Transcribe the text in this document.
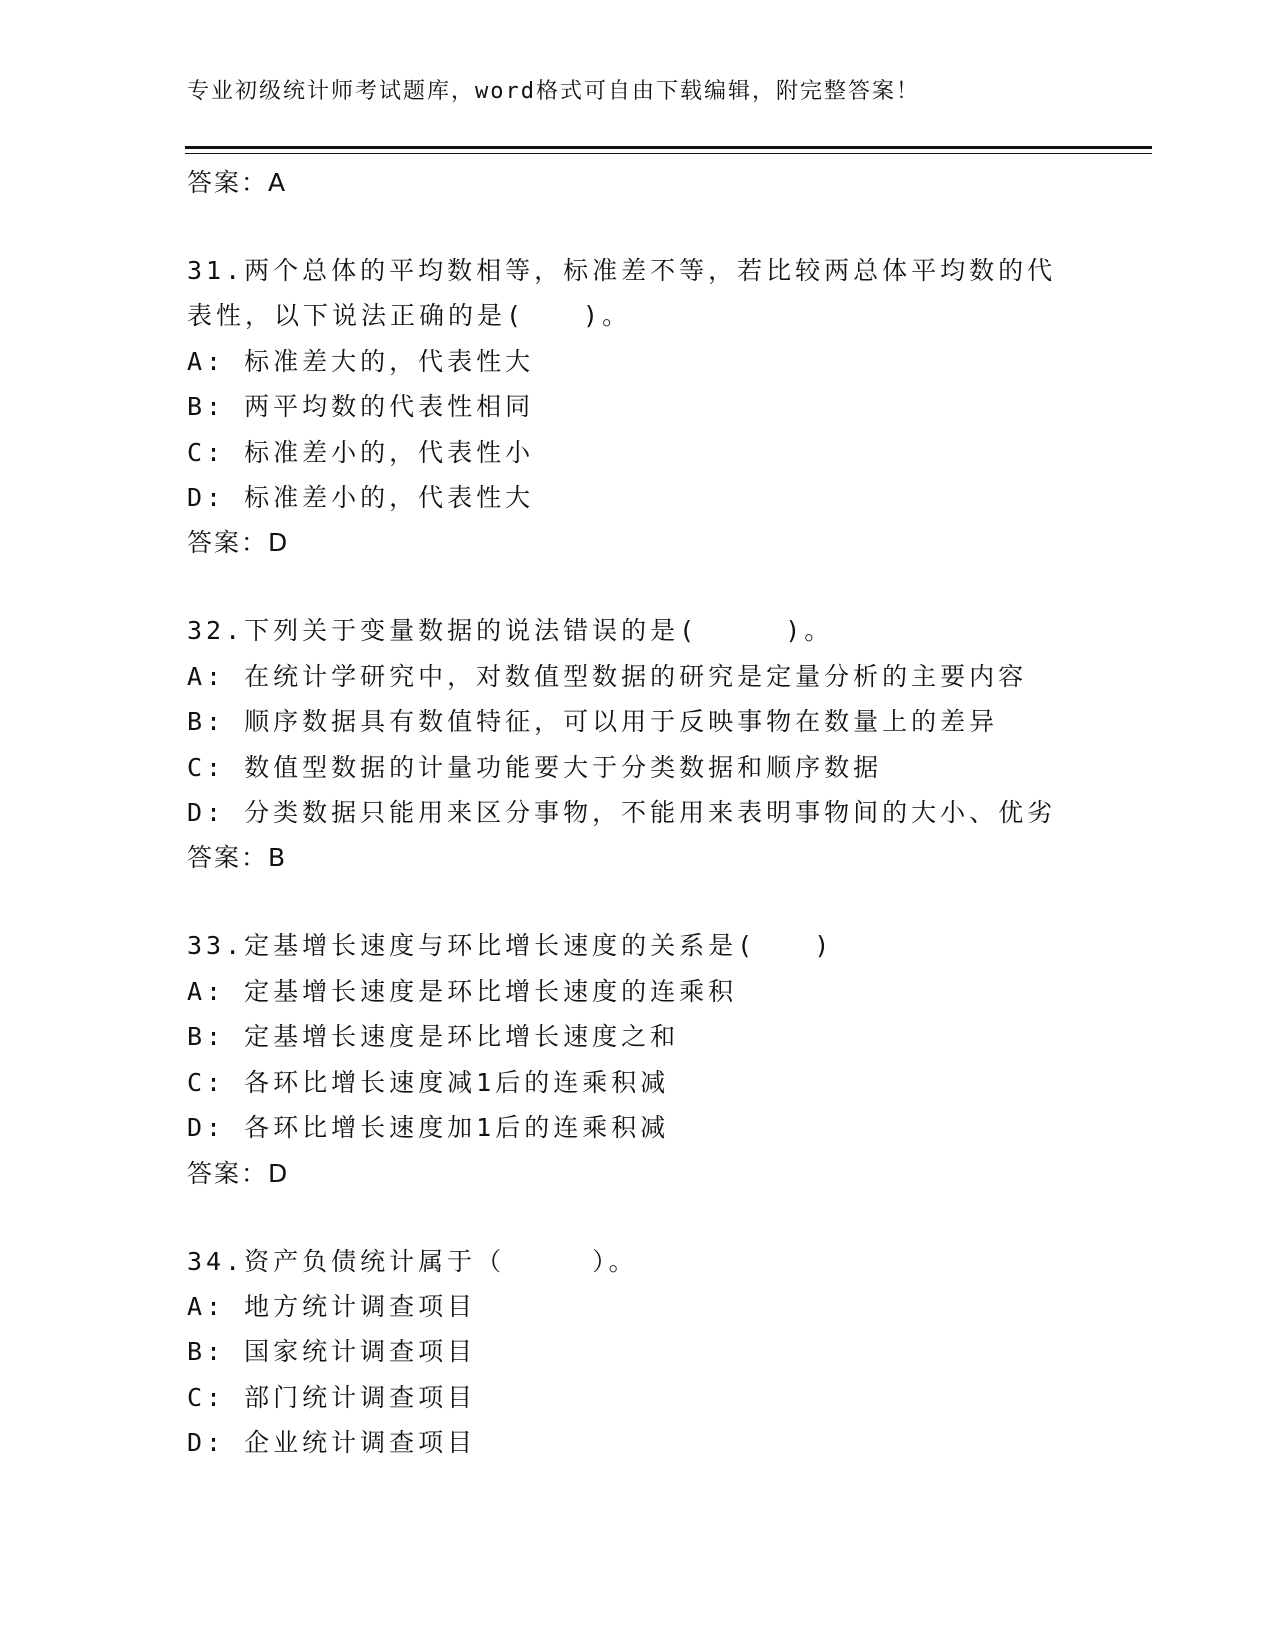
专业初级统计师考试题库，word格式可自由下载编辑，附完整答案！
答案：A
31.两个总体的平均数相等，标准差不等，若比较两总体平均数的代表性，以下说法正确的是(　　)。
A: 标准差大的，代表性大
B: 两平均数的代表性相同
C: 标准差小的，代表性小
D: 标准差小的，代表性大
答案：D
32.下列关于变量数据的说法错误的是(　　　)。
A: 在统计学研究中，对数值型数据的研究是定量分析的主要内容
B: 顺序数据具有数值特征，可以用于反映事物在数量上的差异
C: 数值型数据的计量功能要大于分类数据和顺序数据
D: 分类数据只能用来区分事物，不能用来表明事物间的大小、优劣
答案：B
33.定基增长速度与环比增长速度的关系是(　　)
A: 定基增长速度是环比增长速度的连乘积
B: 定基增长速度是环比增长速度之和
C: 各环比增长速度减1后的连乘积减
D: 各环比增长速度加1后的连乘积减
答案：D
34.资产负债统计属于（　　　）。
A: 地方统计调查项目
B: 国家统计调查项目
C: 部门统计调查项目
D: 企业统计调查项目
